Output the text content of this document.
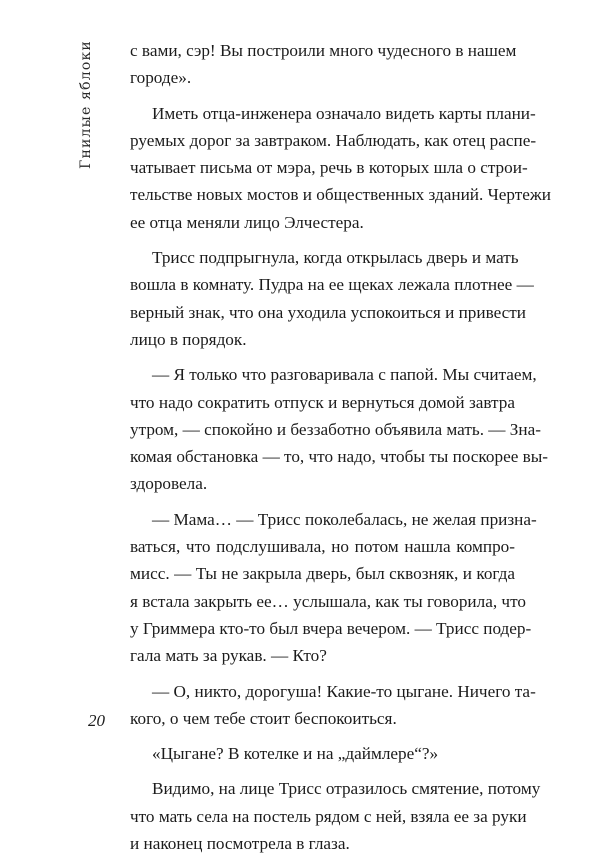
Гнилые яблоки с вами, сэр! Вы построили много чудесного в нашем
городе».
Иметь отца-инженера означало видеть карты плани-
руемых дорог за завтраком. Наблюдать, как отец распе-
чатывает письма от мэра, речь в которых шла о строи-
тельстве новых мостов и общественных зданий. Чертежи
ее отца меняли лицо Элчестера.
Трисс подпрыгнула, когда открылась дверь и мать
вошла в комнату. Пудра на ее щеках лежала плотнее —
верный знак, что она уходила успокоиться и привести
лицо в порядок.
— Я только что разговаривала с папой. Мы считаем,
что надо сократить отпуск и вернуться домой завтра
утром, — спокойно и беззаботно объявила мать. — Зна-
комая обстановка — то, что надо, чтобы ты поскорее вы-
здоровела.
— Мама… — Трисс поколебалась, не желая призна-
ваться, что подслушивала, но потом нашла компро-
мисс. — Ты не закрыла дверь, был сквозняк, и когда
я встала закрыть ее… услышала, как ты говорила, что
у Гриммера кто-то был вчера вечером. — Трисс подер-
гала мать за рукав. — Кто?
— О, никто, дорогуша! Какие-то цыгане. Ничего та-
кого, о чем тебе стоит беспокоиться.
«Цыгане? В котелке и на „даймлере“?»
Видимо, на лице Трисс отразилось смятение, потому
что мать села на постель рядом с ней, взяла ее за руки
и наконец посмотрела в глаза.
20
